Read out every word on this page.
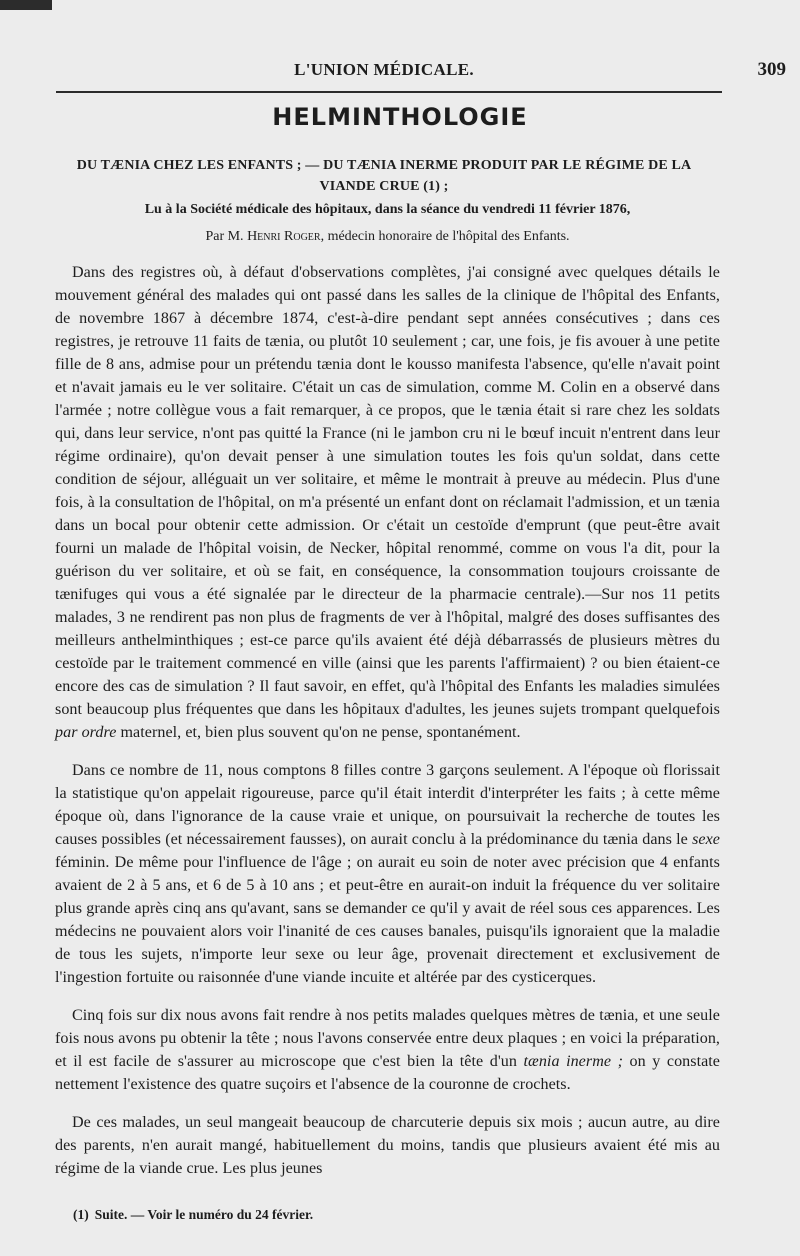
L'UNION MÉDICALE.	309
HELMINTHOLOGIE
DU TÆNIA CHEZ LES ENFANTS ; — DU TÆNIA INERME PRODUIT PAR LE RÉGIME DE LA VIANDE CRUE (1) ;
Lu à la Société médicale des hôpitaux, dans la séance du vendredi 11 février 1876,
Par M. Henri Roger, médecin honoraire de l'hôpital des Enfants.

Dans des registres où, à défaut d'observations complètes, j'ai consigné avec quelques détails le mouvement général des malades qui ont passé dans les salles de la clinique de l'hôpital des Enfants, de novembre 1867 à décembre 1874, c'est-à-dire pendant sept années consécutives ; dans ces registres, je retrouve 11 faits de tænia, ou plutôt 10 seulement ; car, une fois, je fis avouer à une petite fille de 8 ans, admise pour un prétendu tænia dont le kousso manifesta l'absence, qu'elle n'avait point et n'avait jamais eu le ver solitaire. C'était un cas de simulation, comme M. Colin en a observé dans l'armée ; notre collègue vous a fait remarquer, à ce propos, que le tænia était si rare chez les soldats qui, dans leur service, n'ont pas quitté la France (ni le jambon cru ni le bœuf incuit n'entrent dans leur régime ordinaire), qu'on devait penser à une simulation toutes les fois qu'un soldat, dans cette condition de séjour, alléguait un ver solitaire, et même le montrait à preuve au médecin. Plus d'une fois, à la consultation de l'hôpital, on m'a présenté un enfant dont on réclamait l'admission, et un tænia dans un bocal pour obtenir cette admission. Or c'était un cestoïde d'emprunt (que peut-être avait fourni un malade de l'hôpital voisin, de Necker, hôpital renommé, comme on vous l'a dit, pour la guérison du ver solitaire, et où se fait, en conséquence, la consommation toujours croissante de tænifuges qui vous a été signalée par le directeur de la pharmacie centrale).—Sur nos 11 petits malades, 3 ne rendirent pas non plus de fragments de ver à l'hôpital, malgré des doses suffisantes des meilleurs anthelminthiques ; est-ce parce qu'ils avaient été déjà débarrassés de plusieurs mètres du cestoïde par le traitement commencé en ville (ainsi que les parents l'affirmaient) ? ou bien étaient-ce encore des cas de simulation ? Il faut savoir, en effet, qu'à l'hôpital des Enfants les maladies simulées sont beaucoup plus fréquentes que dans les hôpitaux d'adultes, les jeunes sujets trompant quelquefois par ordre maternel, et, bien plus souvent qu'on ne pense, spontanément.

Dans ce nombre de 11, nous comptons 8 filles contre 3 garçons seulement. A l'époque où florissait la statistique qu'on appelait rigoureuse, parce qu'il était interdit d'interpréter les faits ; à cette même époque où, dans l'ignorance de la cause vraie et unique, on poursuivait la recherche de toutes les causes possibles (et nécessairement fausses), on aurait conclu à la prédominance du tænia dans le sexe féminin. De même pour l'influence de l'âge ; on aurait eu soin de noter avec précision que 4 enfants avaient de 2 à 5 ans, et 6 de 5 à 10 ans ; et peut-être en aurait-on induit la fréquence du ver solitaire plus grande après cinq ans qu'avant, sans se demander ce qu'il y avait de réel sous ces apparences. Les médecins ne pouvaient alors voir l'inanité de ces causes banales, puisqu'ils ignoraient que la maladie de tous les sujets, n'importe leur sexe ou leur âge, provenait directement et exclusivement de l'ingestion fortuite ou raisonnée d'une viande incuite et altérée par des cysticerques.

Cinq fois sur dix nous avons fait rendre à nos petits malades quelques mètres de tænia, et une seule fois nous avons pu obtenir la tête ; nous l'avons conservée entre deux plaques ; en voici la préparation, et il est facile de s'assurer au microscope que c'est bien la tête d'un tænia inerme ; on y constate nettement l'existence des quatre suçoirs et l'absence de la couronne de crochets.

De ces malades, un seul mangeait beaucoup de charcuterie depuis six mois ; aucun autre, au dire des parents, n'en aurait mangé, habituellement du moins, tandis que plusieurs avaient été mis au régime de la viande crue. Les plus jeunes

(1) Suite. — Voir le numéro du 24 février.
